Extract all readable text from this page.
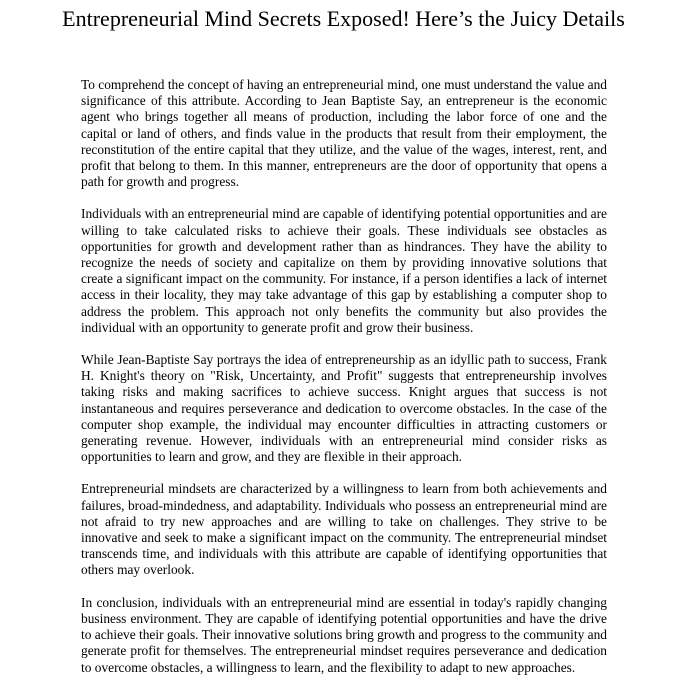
Entrepreneurial Mind Secrets Exposed! Here’s the Juicy Details

To comprehend the concept of having an entrepreneurial mind, one must understand the value and significance of this attribute. According to Jean Baptiste Say, an entrepreneur is the economic agent who brings together all means of production, including the labor force of one and the capital or land of others, and finds value in the products that result from their employment, the reconstitution of the entire capital that they utilize, and the value of the wages, interest, rent, and profit that belong to them. In this manner, entrepreneurs are the door of opportunity that opens a path for growth and progress.

Individuals with an entrepreneurial mind are capable of identifying potential opportunities and are willing to take calculated risks to achieve their goals. These individuals see obstacles as opportunities for growth and development rather than as hindrances. They have the ability to recognize the needs of society and capitalize on them by providing innovative solutions that create a significant impact on the community. For instance, if a person identifies a lack of internet access in their locality, they may take advantage of this gap by establishing a computer shop to address the problem. This approach not only benefits the community but also provides the individual with an opportunity to generate profit and grow their business.

While Jean-Baptiste Say portrays the idea of entrepreneurship as an idyllic path to success, Frank H. Knight's theory on "Risk, Uncertainty, and Profit" suggests that entrepreneurship involves taking risks and making sacrifices to achieve success. Knight argues that success is not instantaneous and requires perseverance and dedication to overcome obstacles. In the case of the computer shop example, the individual may encounter difficulties in attracting customers or generating revenue. However, individuals with an entrepreneurial mind consider risks as opportunities to learn and grow, and they are flexible in their approach.

Entrepreneurial mindsets are characterized by a willingness to learn from both achievements and failures, broad-mindedness, and adaptability. Individuals who possess an entrepreneurial mind are not afraid to try new approaches and are willing to take on challenges. They strive to be innovative and seek to make a significant impact on the community. The entrepreneurial mindset transcends time, and individuals with this attribute are capable of identifying opportunities that others may overlook.

In conclusion, individuals with an entrepreneurial mind are essential in today's rapidly changing business environment. They are capable of identifying potential opportunities and have the drive to achieve their goals. Their innovative solutions bring growth and progress to the community and generate profit for themselves. The entrepreneurial mindset requires perseverance and dedication to overcome obstacles, a willingness to learn, and the flexibility to adapt to new approaches.
